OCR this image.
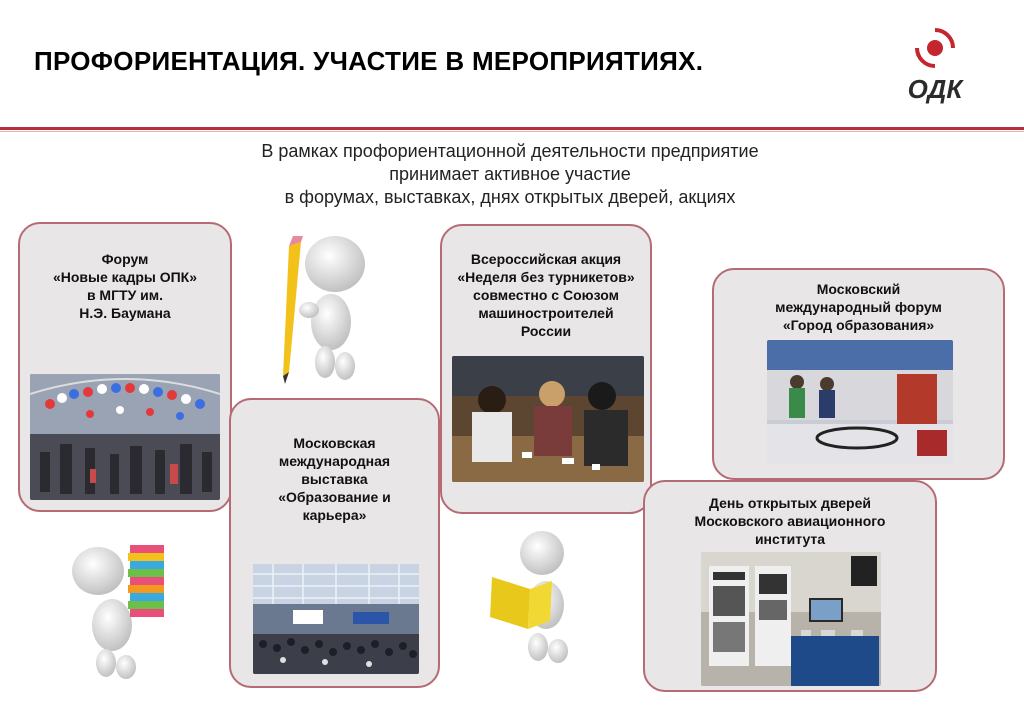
ПРОФОРИЕНТАЦИЯ. УЧАСТИЕ В МЕРОПРИЯТИЯХ.
ОДК
В рамках профориентационной деятельности предприятие
принимает активное участие
в форумах, выставках, днях открытых дверей, акциях
Форум
«Новые кадры ОПК»
в МГТУ им.
Н.Э. Баумана
Московская
международная
выставка
«Образование и
карьера»
Всероссийская акция
«Неделя без турникетов»
совместно с Союзом
машиностроителей
России
Московский
международный форум
«Город образования»
День открытых дверей
Московского авиационного
института
